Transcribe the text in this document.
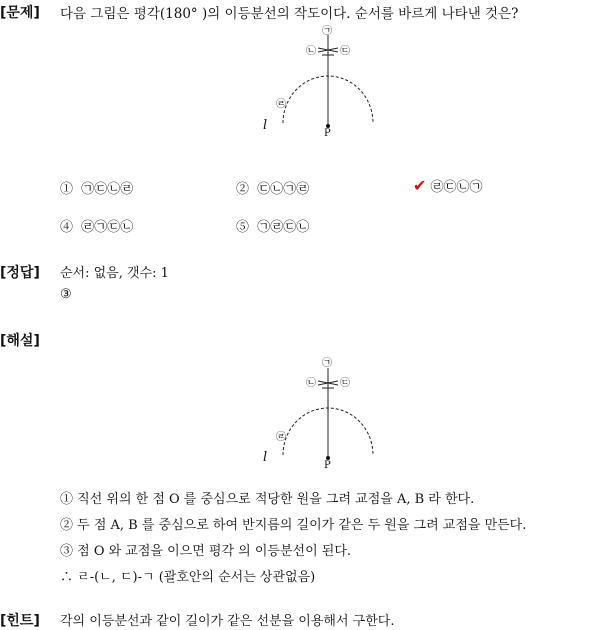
[문제] 다음 그림은 평각(180° )의 이등분선의 작도이다. 순서를 바르게 나타낸 것은?
㉠
㉡ ㉢
㉣
l
P
① ㉠㉢㉡㉣	② ㉢㉡㉠㉣	✔ ㉣㉢㉡㉠
④ ㉣㉠㉢㉡	⑤ ㉠㉣㉢㉡
[정답] 순서: 없음, 갯수: 1
③
[해설]
㉠
㉡ ㉢
㉣
l
P
① 직선 위의 한 점 O 를 중심으로 적당한 원을 그려 교점을 A, B 라 한다.
② 두 점 A, B 를 중심으로 하여 반지름의 길이가 같은 두 원을 그려 교점을 만든다.
③ 점 O 와 교점을 이으면 평각 의 이등분선이 된다.
∴ ㄹ-(ㄴ, ㄷ)-ㄱ (괄호안의 순서는 상관없음)
[힌트] 각의 이등분선과 같이 길이가 같은 선분을 이용해서 구한다.
